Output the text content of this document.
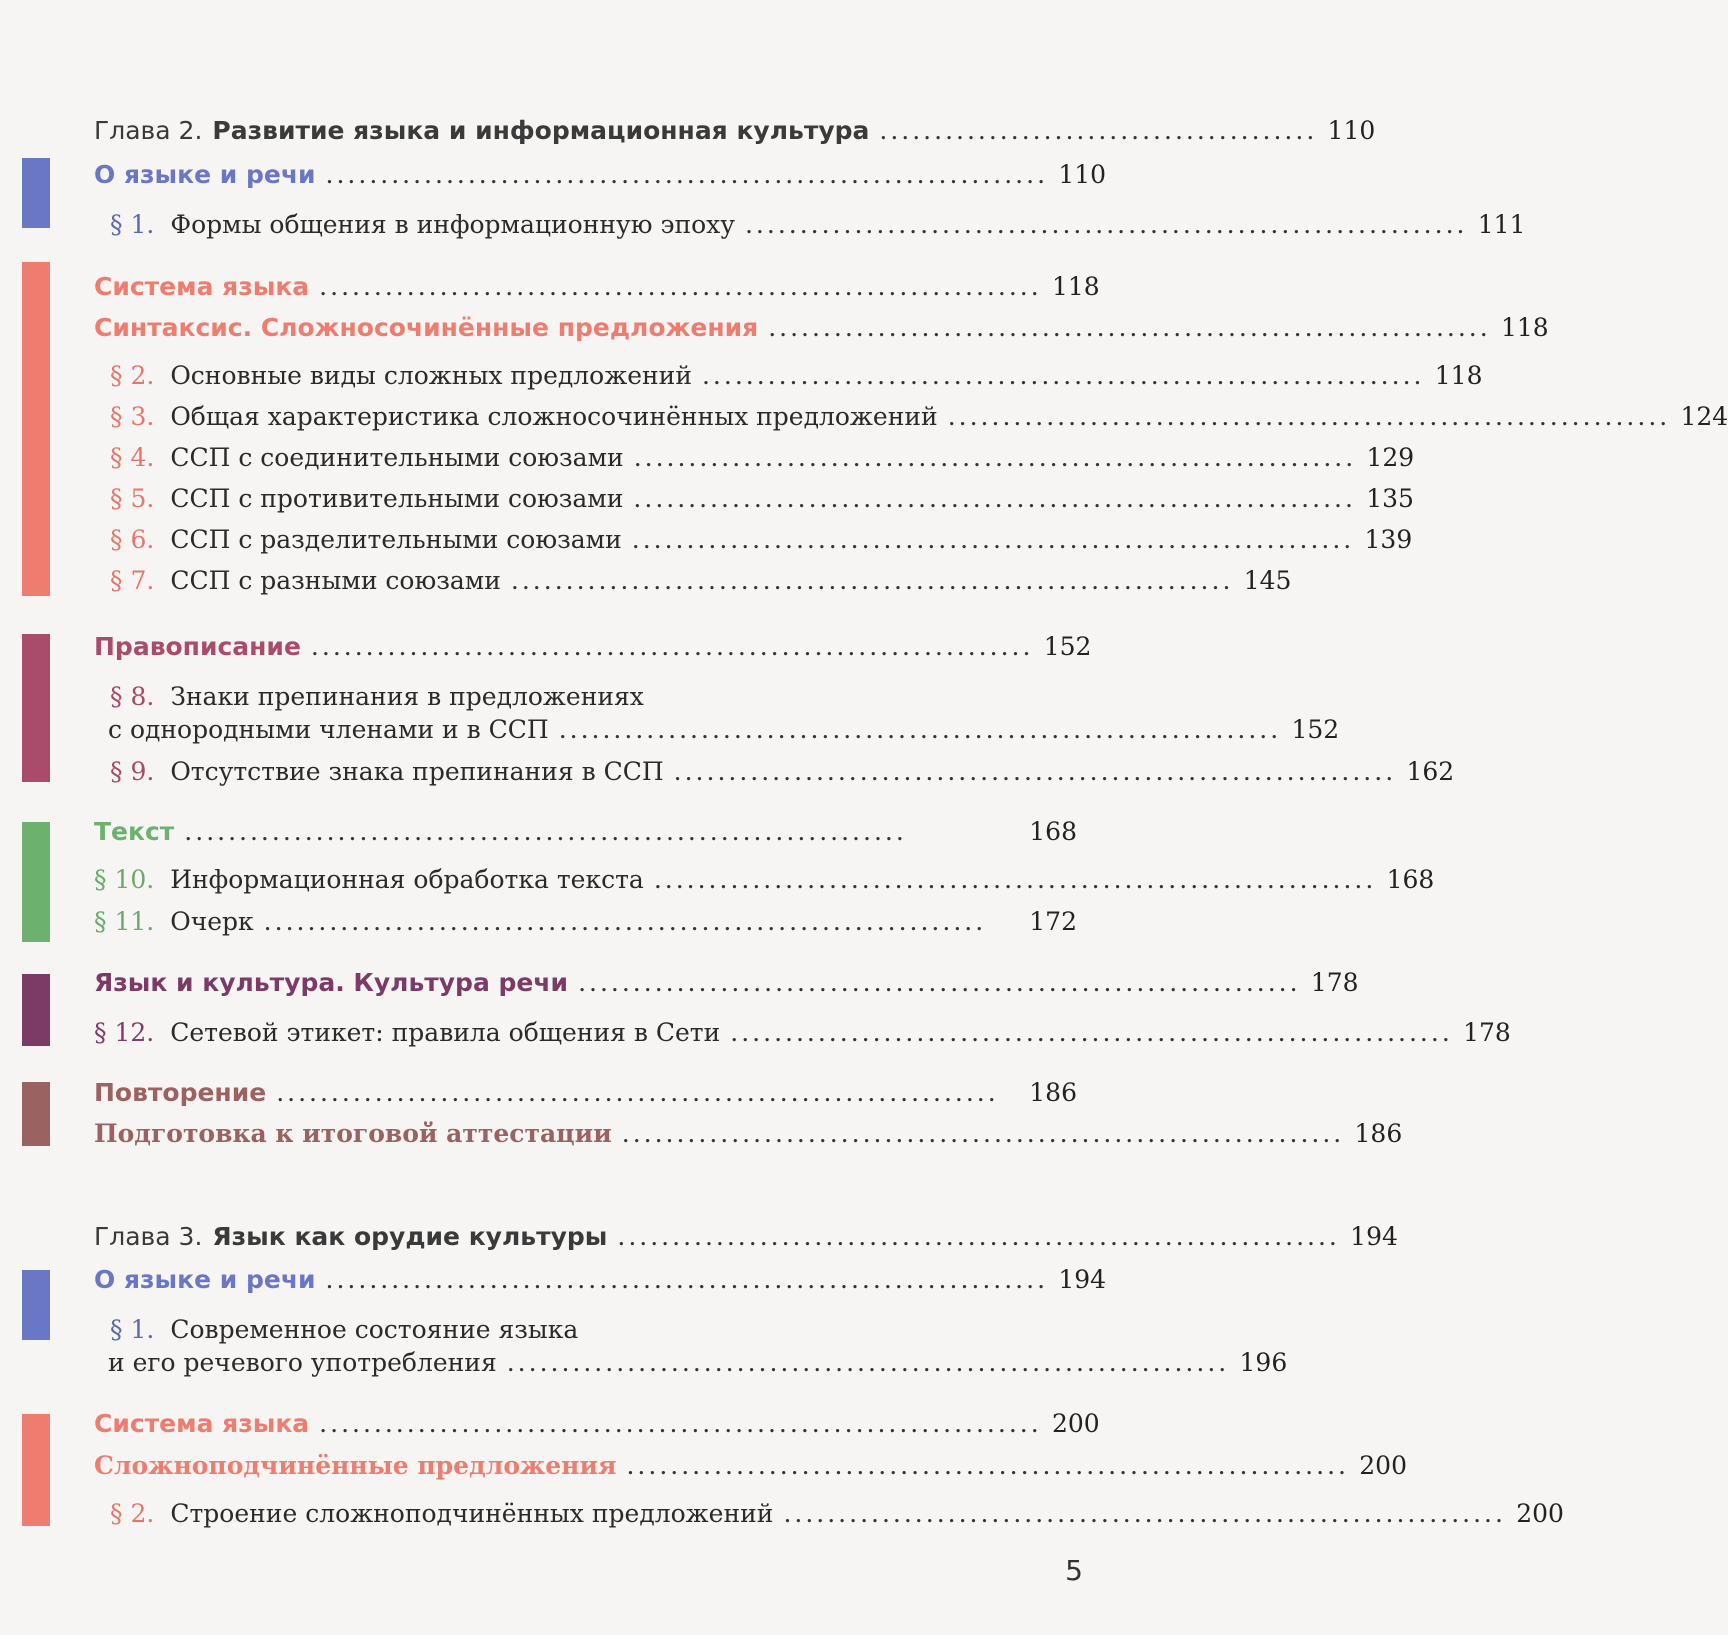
Глава 2. Развитие языка и информационная культура ........................................ 110
О языке и речи .................................................................. 110
§ 1. Формы общения в информационную эпоху .................................................................. 111
Система языка .................................................................. 118
Синтаксис. Сложносочинённые предложения .................................................................. 118
§ 2. Основные виды сложных предложений .................................................................. 118
§ 3. Общая характеристика сложносочинённых предложений .................................................................. 124
§ 4. ССП с соединительными союзами .................................................................. 129
§ 5. ССП с противительными союзами .................................................................. 135
§ 6. ССП с разделительными союзами .................................................................. 139
§ 7. ССП с разными союзами .................................................................. 145
Правописание .................................................................. 152
§ 8. Знаки препинания в предложениях
с однородными членами и в ССП .................................................................. 152
§ 9. Отсутствие знака препинания в ССП .................................................................. 162
Текст ..................................................................	168
§ 10. Информационная обработка текста .................................................................. 168
§ 11. Очерк ..................................................................	172
Язык и культура. Культура речи .................................................................. 178
§ 12. Сетевой этикет: правила общения в Сети .................................................................. 178
Повторение ..................................................................	186
Подготовка к итоговой аттестации .................................................................. 186
Глава 3. Язык как орудие культуры .................................................................. 194
О языке и речи .................................................................. 194
§ 1. Современное состояние языка
и его речевого употребления .................................................................. 196
Система языка .................................................................. 200
Сложноподчинённые предложения .................................................................. 200
§ 2. Строение сложноподчинённых предложений .................................................................. 200
5
